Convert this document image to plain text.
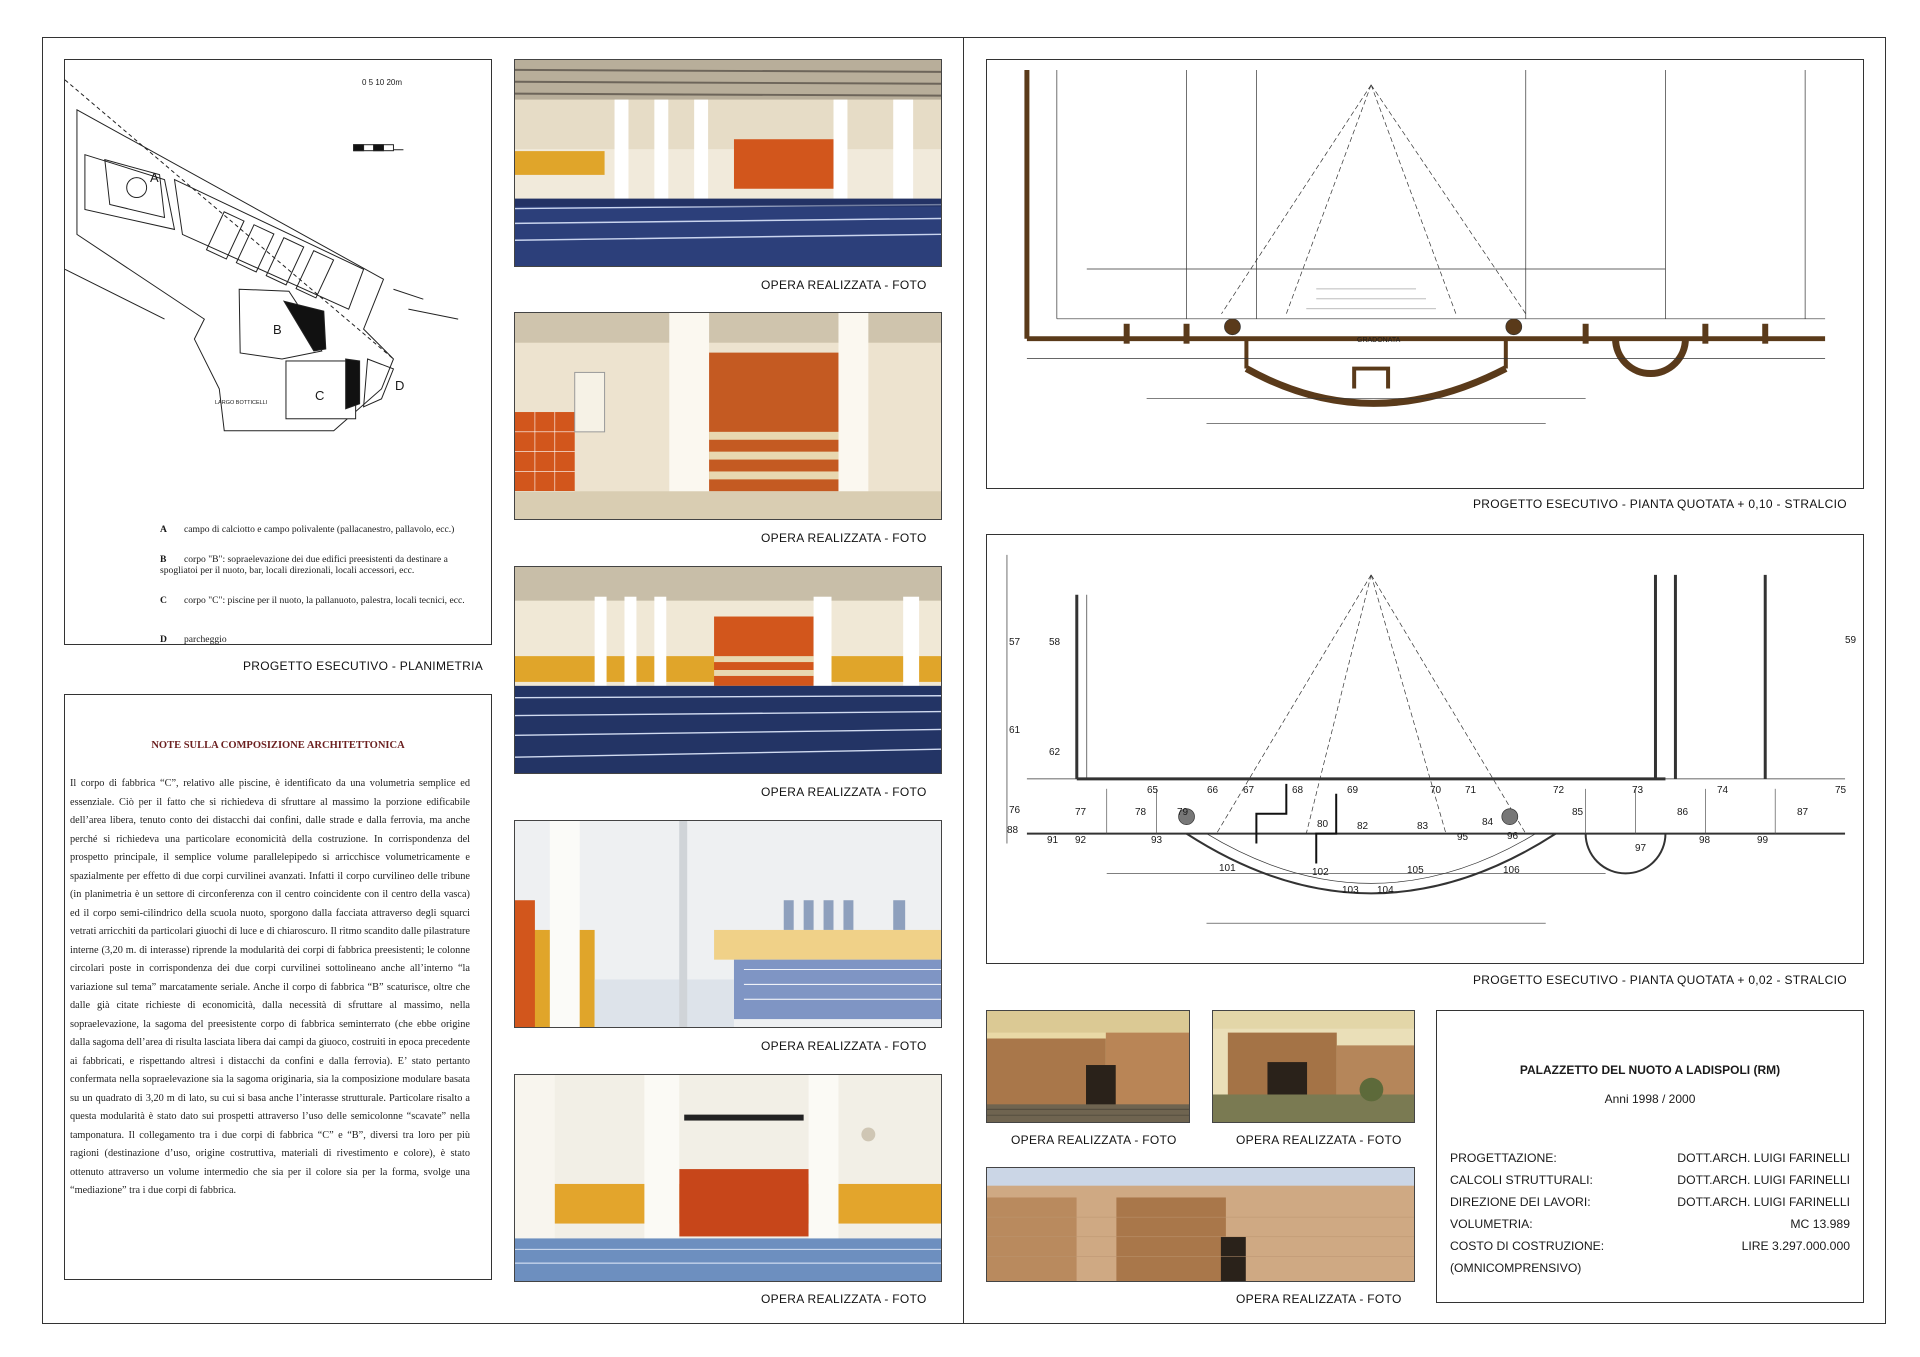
0 5 10 20m
A
B
C
D
LARGO BOTTICELLI
A campo di calciotto e campo polivalente (pallacanestro, pallavolo, ecc.)
B corpo "B": sopraelevazione dei due edifici preesistenti da destinare a spogliatoi per il nuoto, bar, locali direzionali, locali accessori, ecc.
C corpo "C": piscine per il nuoto, la pallanuoto, palestra, locali tecnici, ecc.
D parcheggio
PROGETTO ESECUTIVO - PLANIMETRIA
NOTE SULLA COMPOSIZIONE ARCHITETTONICA
Il corpo di fabbrica “C”, relativo alle piscine, è identificato da una volumetria semplice ed essenziale. Ciò per il fatto che si richiedeva di sfruttare al massimo la porzione edificabile dell’area libera, tenuto conto dei distacchi dai confini, dalle strade e dalla ferrovia, ma anche perché si richiedeva una particolare economicità della costruzione. In corrispondenza del prospetto principale, il semplice volume parallelepipedo si arricchisce volumetricamente e spazialmente per effetto di due corpi curvilinei avanzati. Infatti il corpo curvilineo delle tribune (in planimetria è un settore di circonferenza con il centro coincidente con il centro della vasca) ed il corpo semi-cilindrico della scuola nuoto, sporgono dalla facciata attraverso degli squarci vetrati arricchiti da particolari giuochi di luce e di chiaroscuro. Il ritmo scandito dalle pilastrature interne (3,20 m. di interasse) riprende la modularità dei corpi di fabbrica preesistenti; le colonne circolari poste in corrispondenza dei due corpi curvilinei sottolineano anche all’interno “la variazione sul tema” marcatamente seriale. Anche il corpo di fabbrica “B” scaturisce, oltre che dalle già citate richieste di economicità, dalla necessità di sfruttare al massimo, nella sopraelevazione, la sagoma del preesistente corpo di fabbrica seminterrato (che ebbe origine dalla sagoma dell’area di risulta lasciata libera dai campi da giuoco, costruiti in epoca precedente ai fabbricati, e rispettando altresì i distacchi da confini e dalla ferrovia). E’ stato pertanto confermata nella sopraelevazione sia la sagoma originaria, sia la composizione modulare basata su un quadrato di 3,20 m di lato, su cui si basa anche l’interasse strutturale. Particolare risalto a questa modularità è stato dato sui prospetti attraverso l’uso delle semicolonne “scavate” nella tamponatura. Il collegamento tra i due corpi di fabbrica “C” e “B”, diversi tra loro per più ragioni (destinazione d’uso, origine costruttiva, materiali di rivestimento e colore), è stato ottenuto attraverso un volume intermedio che sia per il colore sia per la forma, svolge una “mediazione” tra i due corpi di fabbrica.
OPERA REALIZZATA - FOTO
OPERA REALIZZATA - FOTO
OPERA REALIZZATA - FOTO
OPERA REALIZZATA - FOTO
OPERA REALIZZATA - FOTO
GRADONATA
PROGETTO ESECUTIVO - PIANTA QUOTATA + 0,10 - STRALCIO
57	58	59
61
62
65	66 67	68	69	70 71	72	73	74	75
76	77	78	79
80	82	83	84
85	86	87
88
91 92	93	95	96
97
98	99
101	102
103 104
105	106
PROGETTO ESECUTIVO - PIANTA QUOTATA + 0,02 - STRALCIO
OPERA REALIZZATA - FOTO	OPERA REALIZZATA - FOTO
OPERA REALIZZATA - FOTO
PALAZZETTO DEL NUOTO A LADISPOLI (RM)
Anni 1998 / 2000
PROGETTAZIONE:	DOTT.ARCH. LUIGI FARINELLI
CALCOLI STRUTTURALI:	DOTT.ARCH. LUIGI FARINELLI
DIREZIONE DEI LAVORI:	DOTT.ARCH. LUIGI FARINELLI
VOLUMETRIA:	MC 13.989
COSTO DI COSTRUZIONE:	LIRE 3.297.000.000
(OMNICOMPRENSIVO)
